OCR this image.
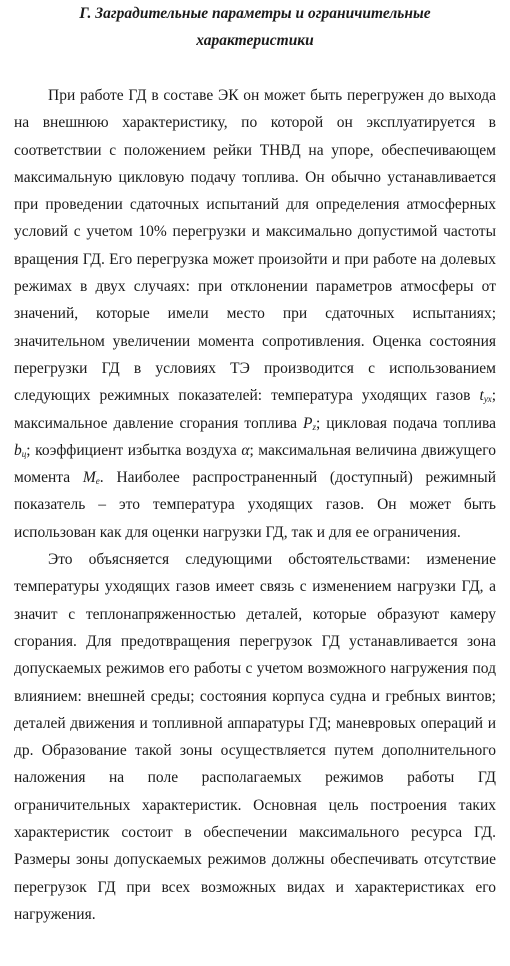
Г. Заградительные параметры и ограничительные
характеристики

При работе ГД в составе ЭК он может быть перегружен до выхода на внешнюю характеристику, по которой он эксплуатируется в соответствии с положением рейки ТНВД на упоре, обеспечивающем максимальную цикловую подачу топлива. Он обычно устанавливается при проведении сдаточных испытаний для определения атмосферных условий с учетом 10% перегрузки и максимально допустимой частоты вращения ГД. Его перегрузка может произойти и при работе на долевых режимах в двух случаях: при отклонении параметров атмосферы от значений, которые имели место при сдаточных испытаниях; значительном увеличении момента сопротивления. Оценка состояния перегрузки ГД в условиях ТЭ производится с использованием следующих режимных показателей: температура уходящих газов $t_{ух}$; максимальное давление сгорания топлива $P_z$; цикловая подача топлива $b_ц$; коэффициент избытка воздуха α; максимальная величина движущего момента $M_е$. Наиболее распространенный (доступный) режимный показатель – это температура уходящих газов. Он может быть использован как для оценки нагрузки ГД, так и для ее ограничения.

Это объясняется следующими обстоятельствами: изменение температуры уходящих газов имеет связь с изменением нагрузки ГД, а значит с теплонапряженностью деталей, которые образуют камеру сгорания. Для предотвращения перегрузок ГД устанавливается зона допускаемых режимов его работы с учетом возможного нагружения под влиянием: внешней среды; состояния корпуса судна и гребных винтов; деталей движения и топливной аппаратуры ГД; маневровых операций и др. Образование такой зоны осуществляется путем дополнительного наложения на поле располагаемых режимов работы ГД ограничительных характеристик. Основная цель построения таких характеристик состоит в обеспечении максимального ресурса ГД. Размеры зоны допускаемых режимов должны обеспечивать отсутствие перегрузок ГД при всех возможных видах и характеристиках его нагружения.
